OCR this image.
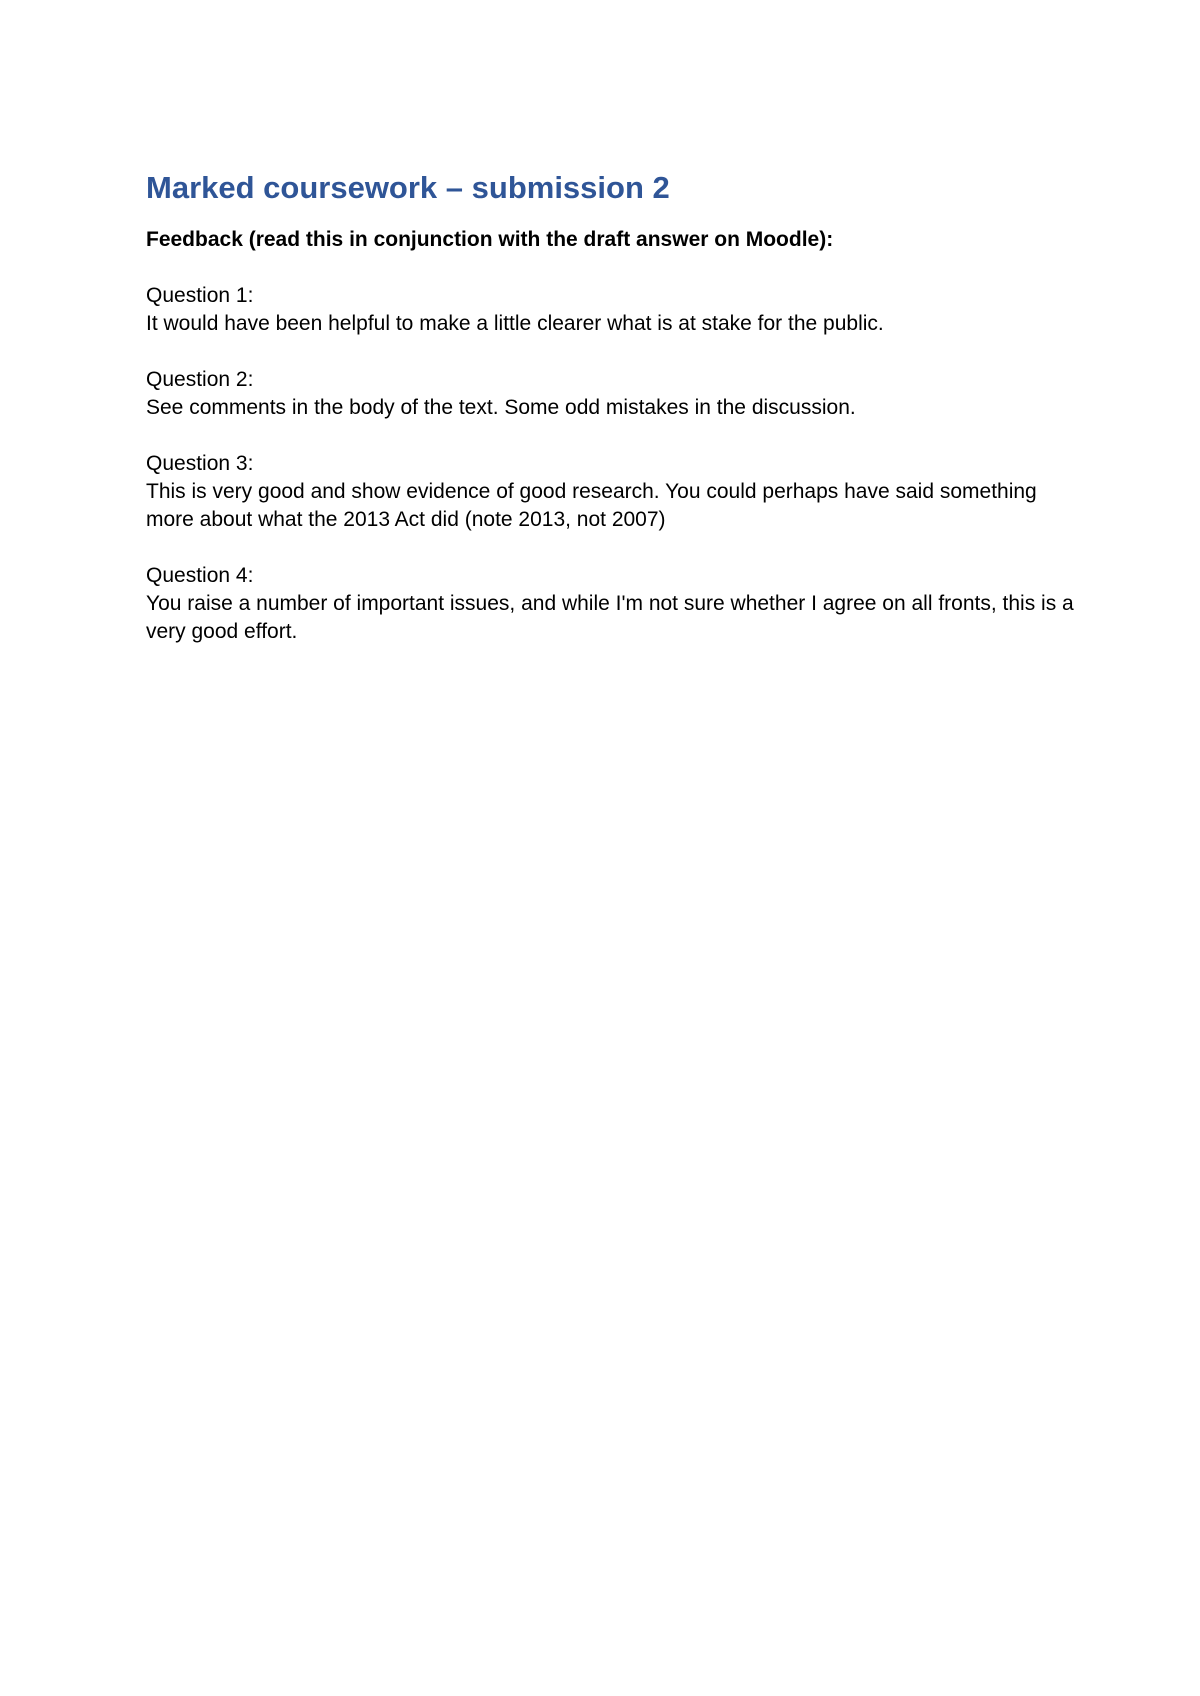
Marked coursework – submission 2

Feedback (read this in conjunction with the draft answer on Moodle):

Question 1:
It would have been helpful to make a little clearer what is at stake for the public.
Question 2:
See comments in the body of the text. Some odd mistakes in the discussion.
Question 3:
This is very good and show evidence of good research. You could perhaps have said something more about what the 2013 Act did (note 2013, not 2007)
Question 4:
You raise a number of important issues, and while I'm not sure whether I agree on all fronts, this is a very good effort.
